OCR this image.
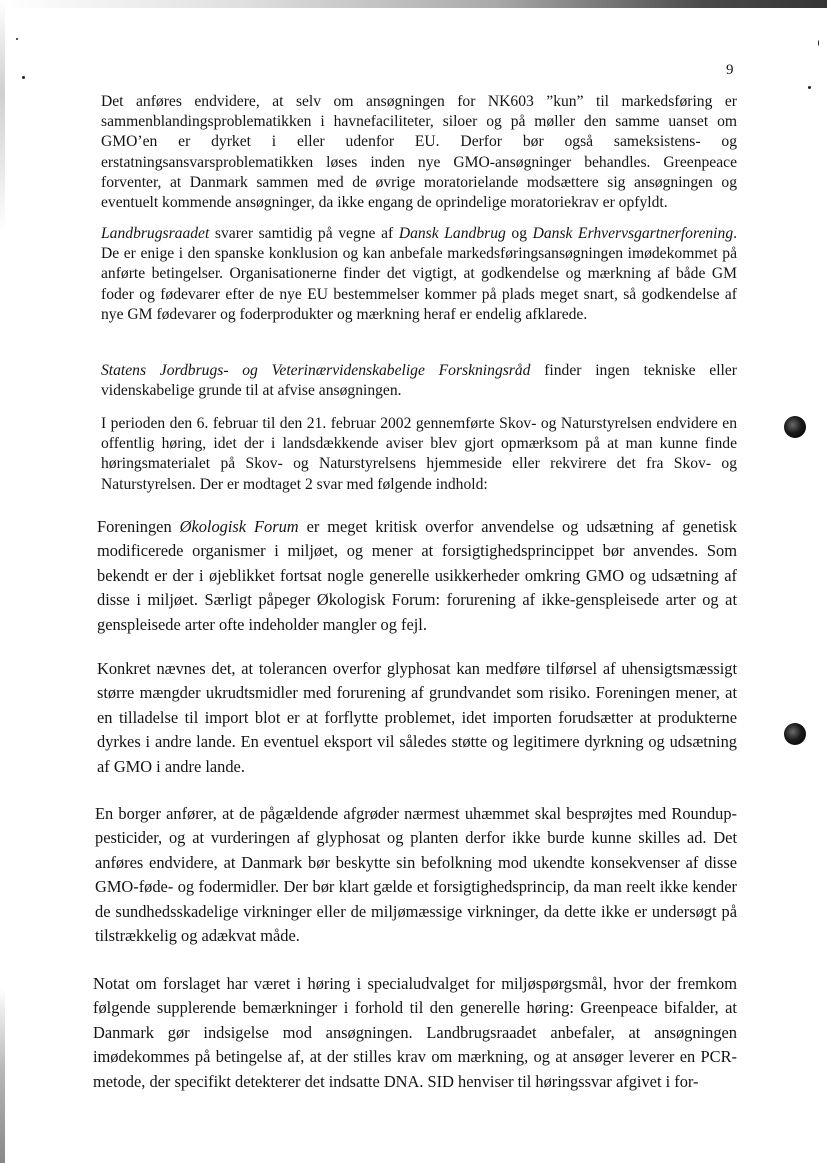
9

Det anføres endvidere, at selv om ansøgningen for NK603 ”kun” til markedsføring er sammenblandingsproblematikken i havnefaciliteter, siloer og på møller den samme uanset om GMO’en er dyrket i eller udenfor EU. Derfor bør også sameksistens- og erstatningsansvarsproblematikken løses inden nye GMO-ansøgninger behandles. Greenpeace forventer, at Danmark sammen med de øvrige moratorielande modsættere sig ansøgningen og eventuelt kommende ansøgninger, da ikke engang de oprindelige moratoriekrav er opfyldt.

Landbrugsraadet svarer samtidig på vegne af Dansk Landbrug og Dansk Erhvervsgartnerforening. De er enige i den spanske konklusion og kan anbefale markedsføringsansøgningen imødekommet på anførte betingelser. Organisationerne finder det vigtigt, at godkendelse og mærkning af både GM foder og fødevarer efter de nye EU bestemmelser kommer på plads meget snart, så godkendelse af nye GM fødevarer og foderprodukter og mærkning heraf er endelig afklarede.

Statens Jordbrugs- og Veterinærvidenskabelige Forskningsråd finder ingen tekniske eller videnskabelige grunde til at afvise ansøgningen.

I perioden den 6. februar til den 21. februar 2002 gennemførte Skov- og Naturstyrelsen endvidere en offentlig høring, idet der i landsdækkende aviser blev gjort opmærksom på at man kunne finde høringsmaterialet på Skov- og Naturstyrelsens hjemmeside eller rekvirere det fra Skov- og Naturstyrelsen. Der er modtaget 2 svar med følgende indhold:

Foreningen Økologisk Forum er meget kritisk overfor anvendelse og udsætning af genetisk modificerede organismer i miljøet, og mener at forsigtighedsprincippet bør anvendes. Som bekendt er der i øjeblikket fortsat nogle generelle usikkerheder omkring GMO og udsætning af disse i miljøet. Særligt påpeger Økologisk Forum: forurening af ikke-genspleisede arter og at genspleisede arter ofte indeholder mangler og fejl.

Konkret nævnes det, at tolerancen overfor glyphosat kan medføre tilførsel af uhensigtsmæssigt større mængder ukrudtsmidler med forurening af grundvandet som risiko. Foreningen mener, at en tilladelse til import blot er at forflytte problemet, idet importen forudsætter at produkterne dyrkes i andre lande. En eventuel eksport vil således støtte og legitimere dyrkning og udsætning af GMO i andre lande.

En borger anfører, at de pågældende afgrøder nærmest uhæmmet skal besprøjtes med Roundup-pesticider, og at vurderingen af glyphosat og planten derfor ikke burde kunne skilles ad. Det anføres endvidere, at Danmark bør beskytte sin befolkning mod ukendte konsekvenser af disse GMO-føde- og fodermidler. Der bør klart gælde et forsigtighedsprincip, da man reelt ikke kender de sundhedsskadelige virkninger eller de miljømæssige virkninger, da dette ikke er undersøgt på tilstrækkelig og adækvat måde.

Notat om forslaget har været i høring i specialudvalget for miljøspørgsmål, hvor der fremkom følgende supplerende bemærkninger i forhold til den generelle høring: Greenpeace bifalder, at Danmark gør indsigelse mod ansøgningen. Landbrugsraadet anbefaler, at ansøgningen imødekommes på betingelse af, at der stilles krav om mærkning, og at ansøger leverer en PCR-metode, der specifikt detekterer det indsatte DNA. SID henviser til høringssvar afgivet i for-
